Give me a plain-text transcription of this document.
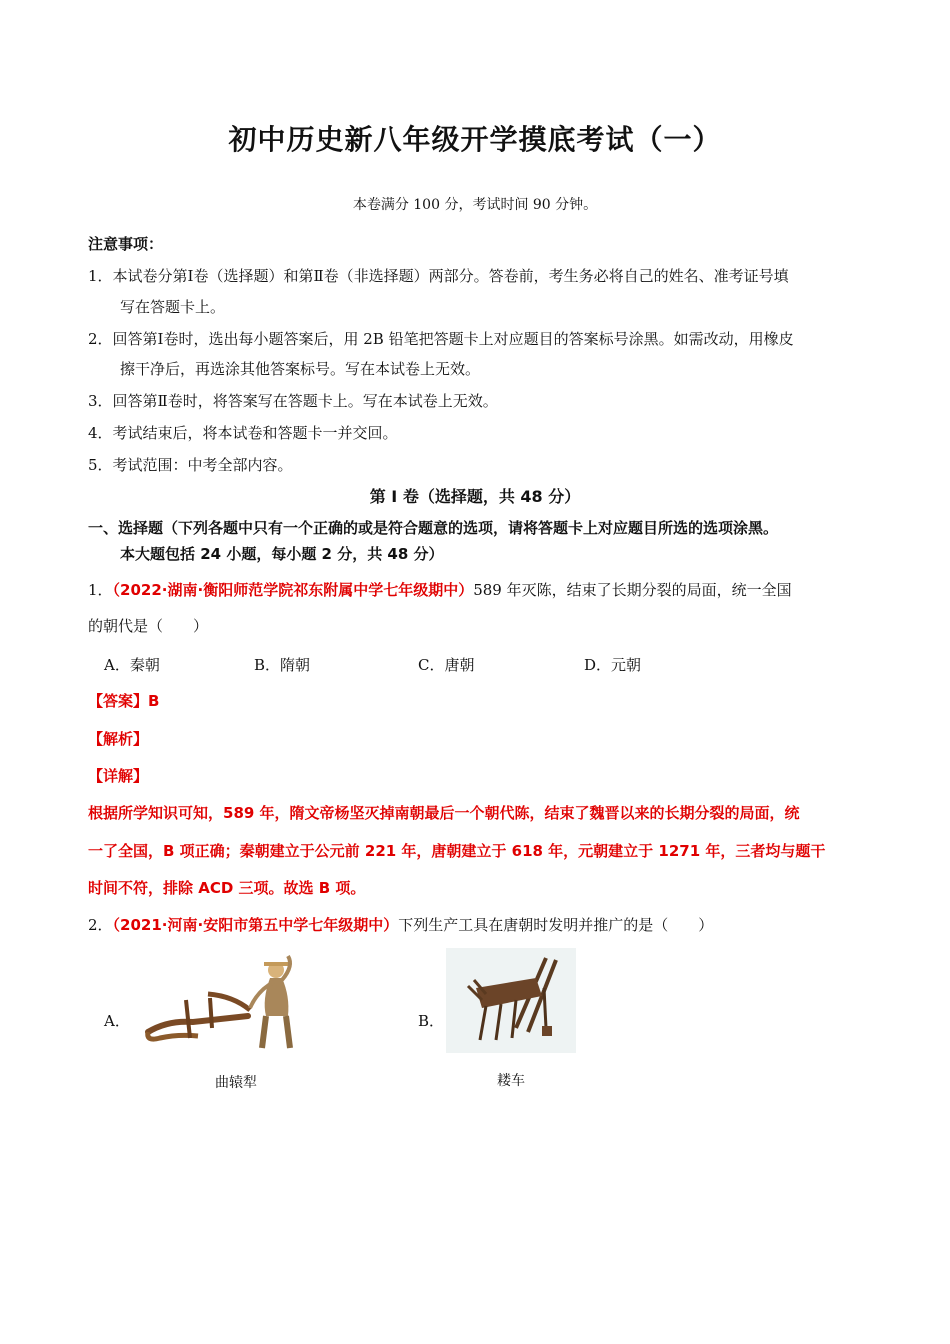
初中历史新八年级开学摸底考试（一）
本卷满分 100 分，考试时间 90 分钟。
注意事项：
1．本试卷分第Ⅰ卷（选择题）和第Ⅱ卷（非选择题）两部分。答卷前，考生务必将自己的姓名、准考证号填
写在答题卡上。
2．回答第Ⅰ卷时，选出每小题答案后，用 2B 铅笔把答题卡上对应题目的答案标号涂黑。如需改动，用橡皮
擦干净后，再选涂其他答案标号。写在本试卷上无效。
3．回答第Ⅱ卷时，将答案写在答题卡上。写在本试卷上无效。
4．考试结束后，将本试卷和答题卡一并交回。
5．考试范围：中考全部内容。
第 I 卷（选择题，共 48 分）
一、选择题（下列各题中只有一个正确的或是符合题意的选项，请将答题卡上对应题目所选的选项涂黑。
本大题包括 24 小题，每小题 2 分，共 48 分）
1．（2022·湖南·衡阳师范学院祁东附属中学七年级期中）589 年灭陈，结束了长期分裂的局面，统一全国
的朝代是（　　）
A．秦朝	B．隋朝	C．唐朝	D．元朝
【答案】B
【解析】
【详解】
根据所学知识可知，589 年，隋文帝杨坚灭掉南朝最后一个朝代陈，结束了魏晋以来的长期分裂的局面，统
一了全国，B 项正确；秦朝建立于公元前 221 年，唐朝建立于 618 年，元朝建立于 1271 年，三者均与题干
时间不符，排除 ACD 三项。故选 B 项。
2．（2021·河南·安阳市第五中学七年级期中）下列生产工具在唐朝时发明并推广的是（　　）
A．
曲辕犁
B．
耧车
